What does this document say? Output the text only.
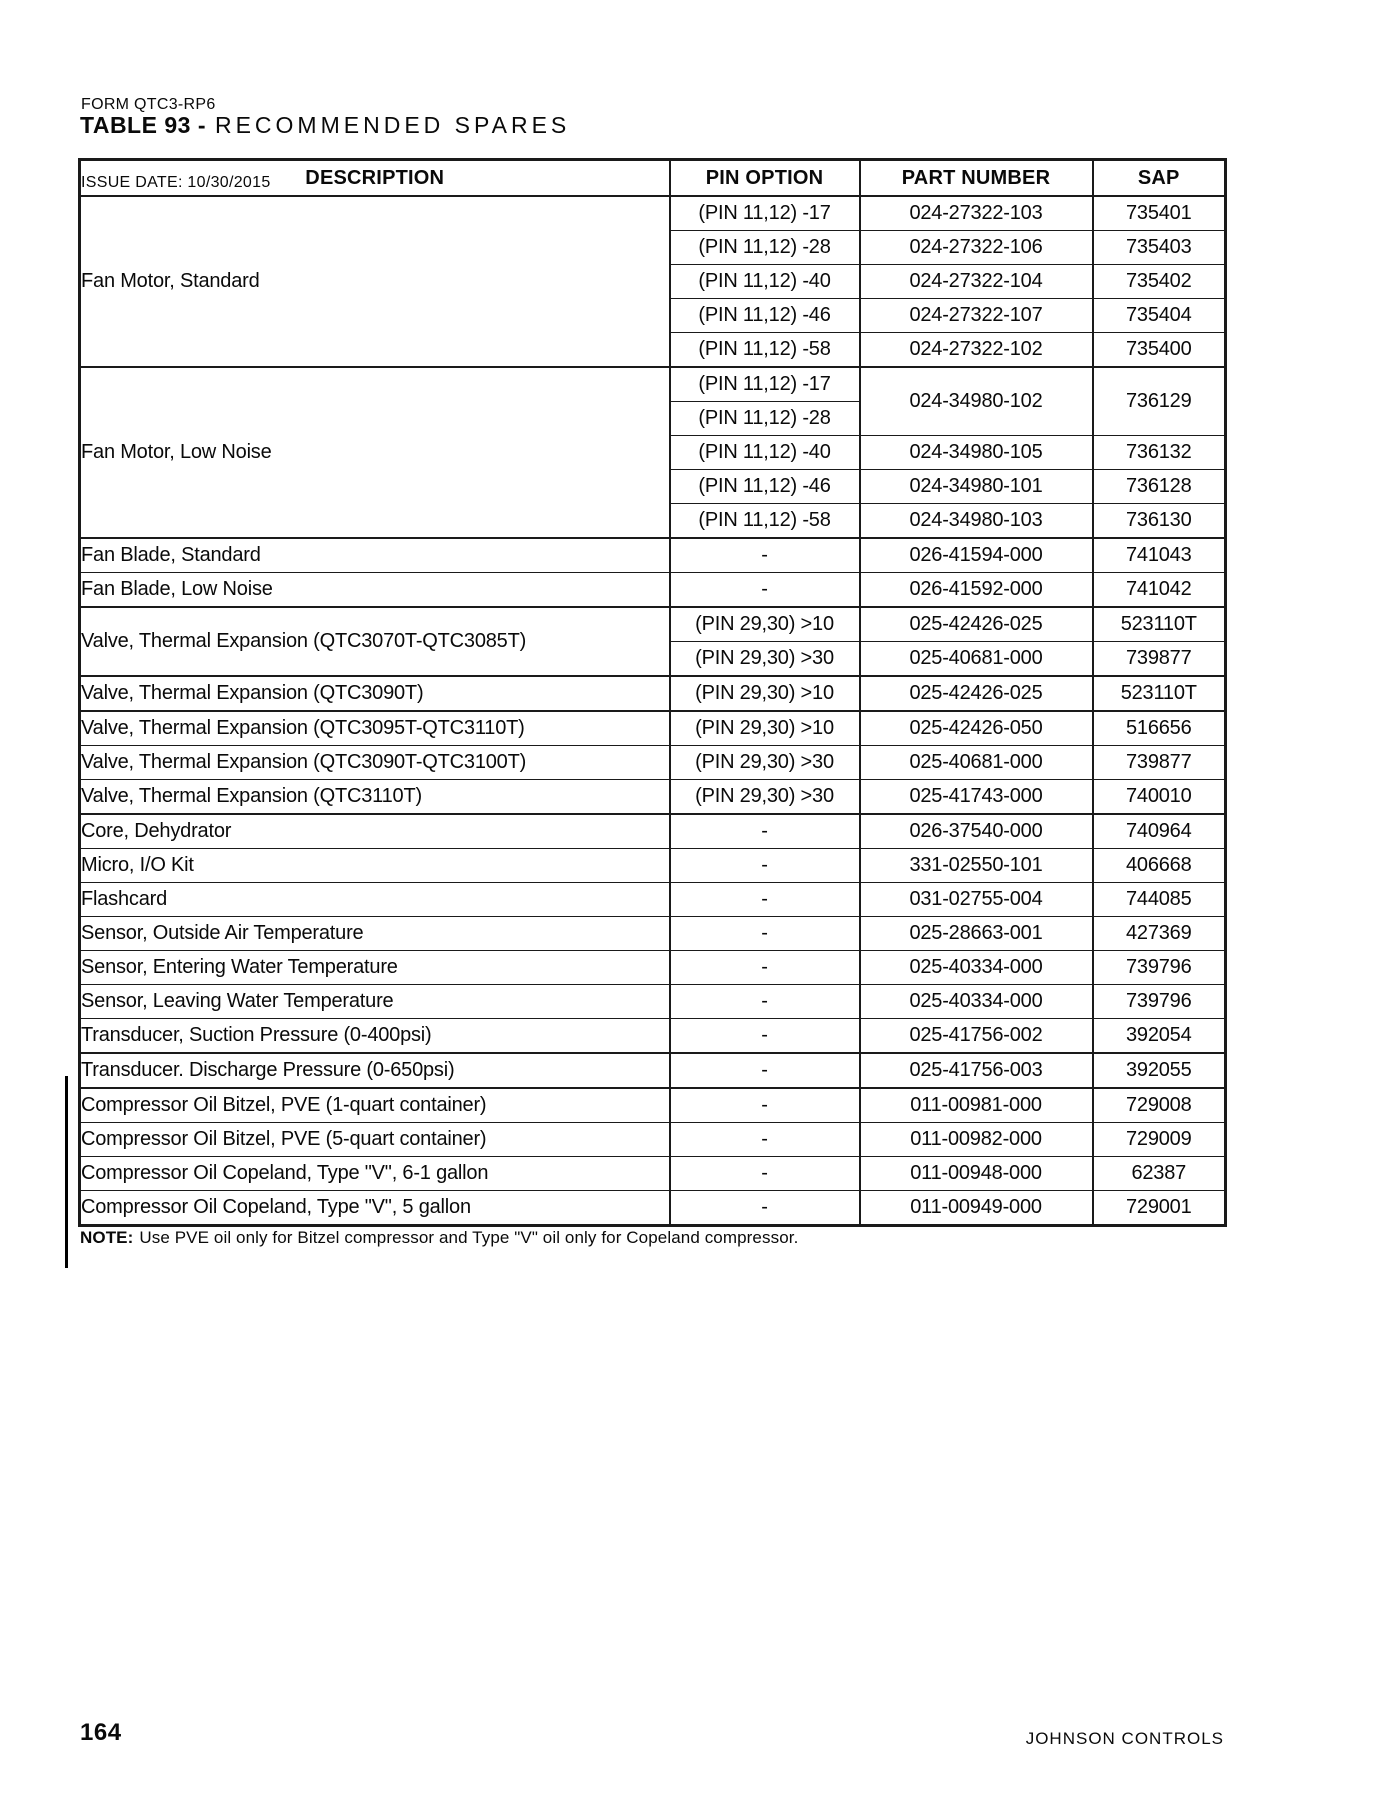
FORM QTC3-RP6

ISSUE DATE: 10/30/2015

TABLE 93 - RECOMMENDED SPARES
DESCRIPTION	PIN OPTION	PART NUMBER	SAP
Fan Motor, Standard	(PIN 11,12) -17	024-27322-103	735401
	(PIN 11,12) -28	024-27322-106	735403
	(PIN 11,12) -40	024-27322-104	735402
	(PIN 11,12) -46	024-27322-107	735404
	(PIN 11,12) -58	024-27322-102	735400
Fan Motor, Low Noise	(PIN 11,12) -17	024-34980-102	736129
	(PIN 11,12) -28		
	(PIN 11,12) -40	024-34980-105	736132
	(PIN 11,12) -46	024-34980-101	736128
	(PIN 11,12) -58	024-34980-103	736130
Fan Blade, Standard	-	026-41594-000	741043
Fan Blade, Low Noise	-	026-41592-000	741042
Valve, Thermal Expansion (QTC3070T-QTC3085T)	(PIN 29,30) >10	025-42426-025	523110T
	(PIN 29,30) >30	025-40681-000	739877
Valve, Thermal Expansion (QTC3090T)	(PIN 29,30) >10	025-42426-025	523110T
Valve, Thermal Expansion (QTC3095T-QTC3110T)	(PIN 29,30) >10	025-42426-050	516656
Valve, Thermal Expansion (QTC3090T-QTC3100T)	(PIN 29,30) >30	025-40681-000	739877
Valve, Thermal Expansion (QTC3110T)	(PIN 29,30) >30	025-41743-000	740010
Core, Dehydrator	-	026-37540-000	740964
Micro, I/O Kit	-	331-02550-101	406668
Flashcard	-	031-02755-004	744085
Sensor, Outside Air Temperature	-	025-28663-001	427369
Sensor, Entering Water Temperature	-	025-40334-000	739796
Sensor, Leaving Water Temperature	-	025-40334-000	739796
Transducer, Suction Pressure (0-400psi)	-	025-41756-002	392054
Transducer. Discharge Pressure (0-650psi)	-	025-41756-003	392055
Compressor Oil Bitzel, PVE (1-quart container)	-	011-00981-000	729008
Compressor Oil Bitzel, PVE (5-quart container)	-	011-00982-000	729009
Compressor Oil Copeland, Type "V", 6-1 gallon	-	011-00948-000	62387
Compressor Oil Copeland, Type "V", 5 gallon	-	011-00949-000	729001

NOTE: Use PVE oil only for Bitzel compressor and Type "V" oil only for Copeland compressor.

164	JOHNSON CONTROLS
